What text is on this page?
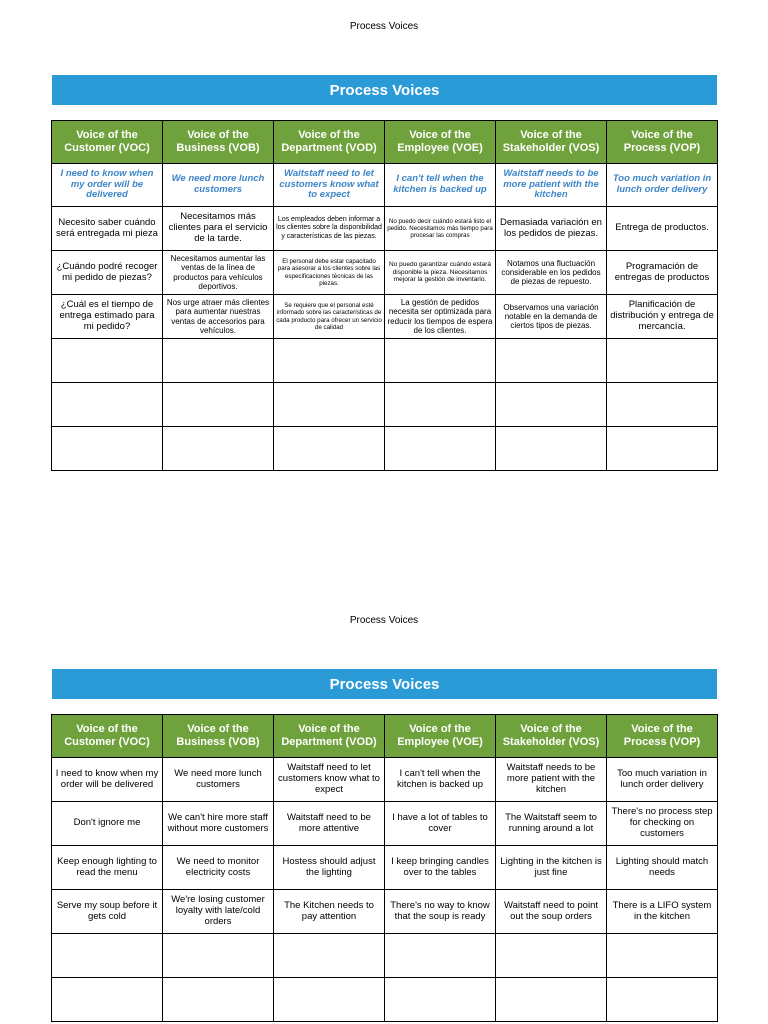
Process Voices
Process Voices
Voice of the Customer (VOC)	Voice of the Business (VOB)	Voice of the Department (VOD)	Voice of the Employee (VOE)	Voice of the Stakeholder (VOS)	Voice of the Process (VOP)
I need to know when my order will be delivered	We need more lunch customers	Waitstaff need to let customers know what to expect	I can't tell when the kitchen is backed up	Waitstaff needs to be more patient with the kitchen	Too much variation in lunch order delivery
Necesito saber cuándo será entregada mi pieza	Necesitamos más clientes para el servicio de la tarde.	Los empleados deben informar a los clientes sobre la disponibilidad y características de las piezas.	No puedo decir cuándo estará listo el pedido. Necesitamos más tiempo para procesar las compras	Demasiada variación en los pedidos de piezas.	Entrega de productos.
¿Cuándo podré recoger mi pedido de piezas?	Necesitamos aumentar las ventas de la línea de productos para vehículos deportivos.	El personal debe estar capacitado para asesorar a los clientes sobre las especificaciones técnicas de las piezas.	No puedo garantizar cuándo estará disponible la pieza. Necesitamos mejorar la gestión de inventario.	Notamos una fluctuación considerable en los pedidos de piezas de repuesto.	Programación de entregas de productos
¿Cuál es el tiempo de entrega estimado para mi pedido?	Nos urge atraer más clientes para aumentar nuestras ventas de accesorios para vehículos.	Se requiere que el personal esté informado sobre las características de cada producto para ofrecer un servicio de calidad	La gestión de pedidos necesita ser optimizada para reducir los tiempos de espera de los clientes.	Observamos una variación notable en la demanda de ciertos tipos de piezas.	Planificación de distribución y entrega de mercancía.

Process Voices
Process Voices
Voice of the Customer (VOC)	Voice of the Business (VOB)	Voice of the Department (VOD)	Voice of the Employee (VOE)	Voice of the Stakeholder (VOS)	Voice of the Process (VOP)
I need to know when my order will be delivered	We need more lunch customers	Waitstaff need to let customers know what to expect	I can't tell when the kitchen is backed up	Waitstaff needs to be more patient with the kitchen	Too much variation in lunch order delivery
Don't ignore me	We can't hire more staff without more customers	Waitstaff need to be more attentive	I have a lot of tables to cover	The Waitstaff seem to running around a lot	There's no process step for checking on customers
Keep enough lighting to read the menu	We need to monitor electricity costs	Hostess should adjust the lighting	I keep bringing candles over to the tables	Lighting in the kitchen is just fine	Lighting should match needs
Serve my soup before it gets cold	We're losing customer loyalty with late/cold orders	The Kitchen needs to pay attention	There's no way to know that the soup is ready	Waitstaff need to point out the soup orders	There is a LIFO system in the kitchen
